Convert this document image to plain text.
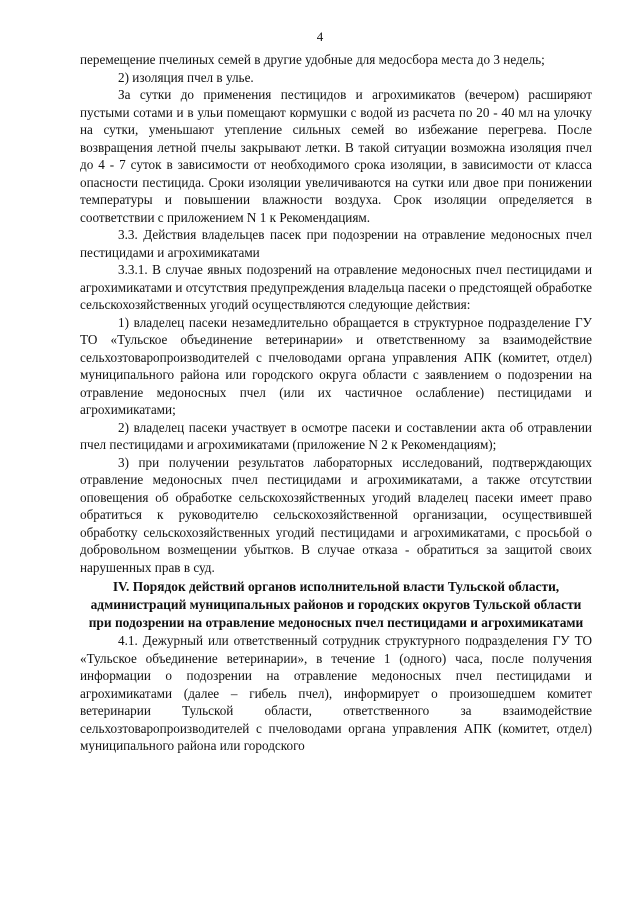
4

перемещение пчелиных семей в другие удобные для медосбора места до 3 недель;

2) изоляция пчел в улье.

За сутки до применения пестицидов и агрохимикатов (вечером) расширяют пустыми сотами и в ульи помещают кормушки с водой из расчета по 20 - 40 мл на улочку на сутки, уменьшают утепление сильных семей во избежание перегрева. После возвращения летной пчелы закрывают летки. В такой ситуации возможна изоляция пчел до 4 - 7 суток в зависимости от необходимого срока изоляции, в зависимости от класса опасности пестицида. Сроки изоляции увеличиваются на сутки или двое при понижении температуры и повышении влажности воздуха. Срок изоляции определяется в соответствии с приложением N 1 к Рекомендациям.

3.3. Действия владельцев пасек при подозрении на отравление медоносных пчел пестицидами и агрохимикатами

3.3.1. В случае явных подозрений на отравление медоносных пчел пестицидами и агрохимикатами и отсутствия предупреждения владельца пасеки о предстоящей обработке сельскохозяйственных угодий осуществляются следующие действия:

1) владелец пасеки незамедлительно обращается в структурное подразделение ГУ ТО «Тульское объединение ветеринарии» и ответственному за взаимодействие сельхозтоваропроизводителей с пчеловодами органа управления АПК (комитет, отдел) муниципального района или городского округа области с заявлением о подозрении на отравление медоносных пчел (или их частичное ослабление) пестицидами и агрохимикатами;

2) владелец пасеки участвует в осмотре пасеки и составлении акта об отравлении пчел пестицидами и агрохимикатами (приложение N 2 к Рекомендациям);

3) при получении результатов лабораторных исследований, подтверждающих отравление медоносных пчел пестицидами и агрохимикатами, а также отсутствии оповещения об обработке сельскохозяйственных угодий владелец пасеки имеет право обратиться к руководителю сельскохозяйственной организации, осуществившей обработку сельскохозяйственных угодий пестицидами и агрохимикатами, с просьбой о добровольном возмещении убытков. В случае отказа - обратиться за защитой своих нарушенных прав в суд.

IV. Порядок действий органов исполнительной власти Тульской области, администраций муниципальных районов и городских округов Тульской области при подозрении на отравление медоносных пчел пестицидами и агрохимикатами

4.1. Дежурный или ответственный сотрудник структурного подразделения ГУ ТО «Тульское объединение ветеринарии», в течение 1 (одного) часа, после получения информации о подозрении на отравление медоносных пчел пестицидами и агрохимикатами (далее – гибель пчел), информирует о произошедшем комитет ветеринарии Тульской области, ответственного за взаимодействие сельхозтоваропроизводителей с пчеловодами органа управления АПК (комитет, отдел) муниципального района или городского
